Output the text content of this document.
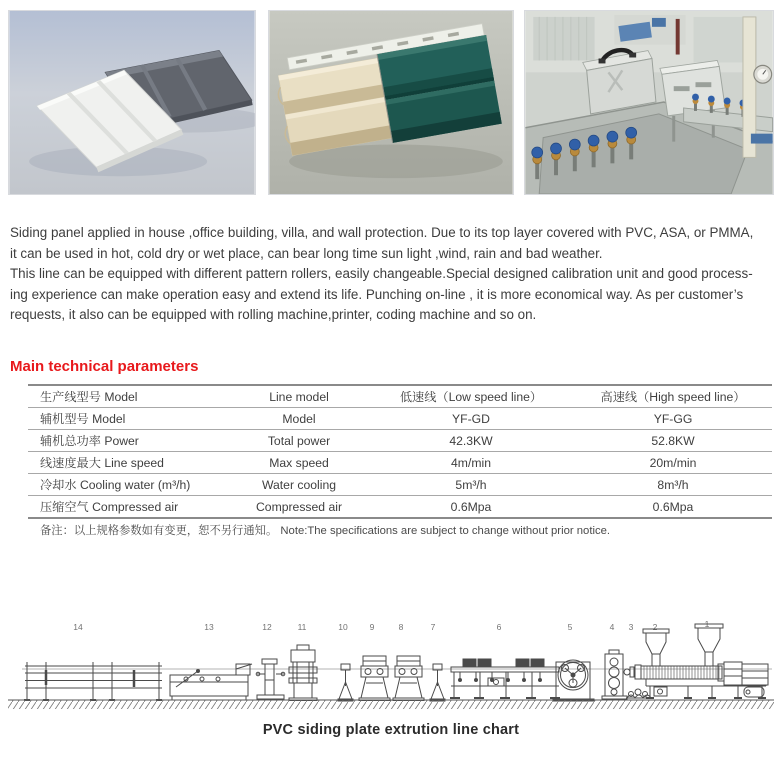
Siding panel applied in house ,office building, villa, and wall protection. Due to its top layer covered with PVC, ASA, or PMMA,
it can be used in hot, cold dry or wet place, can bear long time sun light ,wind, rain and bad weather.
This line can be equipped with different pattern rollers, easily changeable.Special designed calibration unit and good process-
ing experience can make operation easy and extend its life. Punching on-line , it is more economical way. As per customer’s
requests, it also can be equipped with rolling machine,printer, coding machine and so on.
Main technical parameters
生产线型号 Model	Line model	低速线（Low speed line）	高速线（High speed line）
辅机型号 Model	Model	YF-GD	YF-GG
辅机总功率 Power	Total power	42.3KW	52.8KW
线速度最大 Line speed	Max speed	4m/min	20m/min
冷却水 Cooling water (m³/h)	Water cooling	5m³/h	8m³/h
压缩空气 Compressed air	Compressed air	0.6Mpa	0.6Mpa
备注：以上规格参数如有变更，恕不另行通知。 Note:The specifications are subject to change without prior notice.
14	13	12	11	10	9	8	7	6	5	4 3 2	1
PVC siding plate extrution line chart
